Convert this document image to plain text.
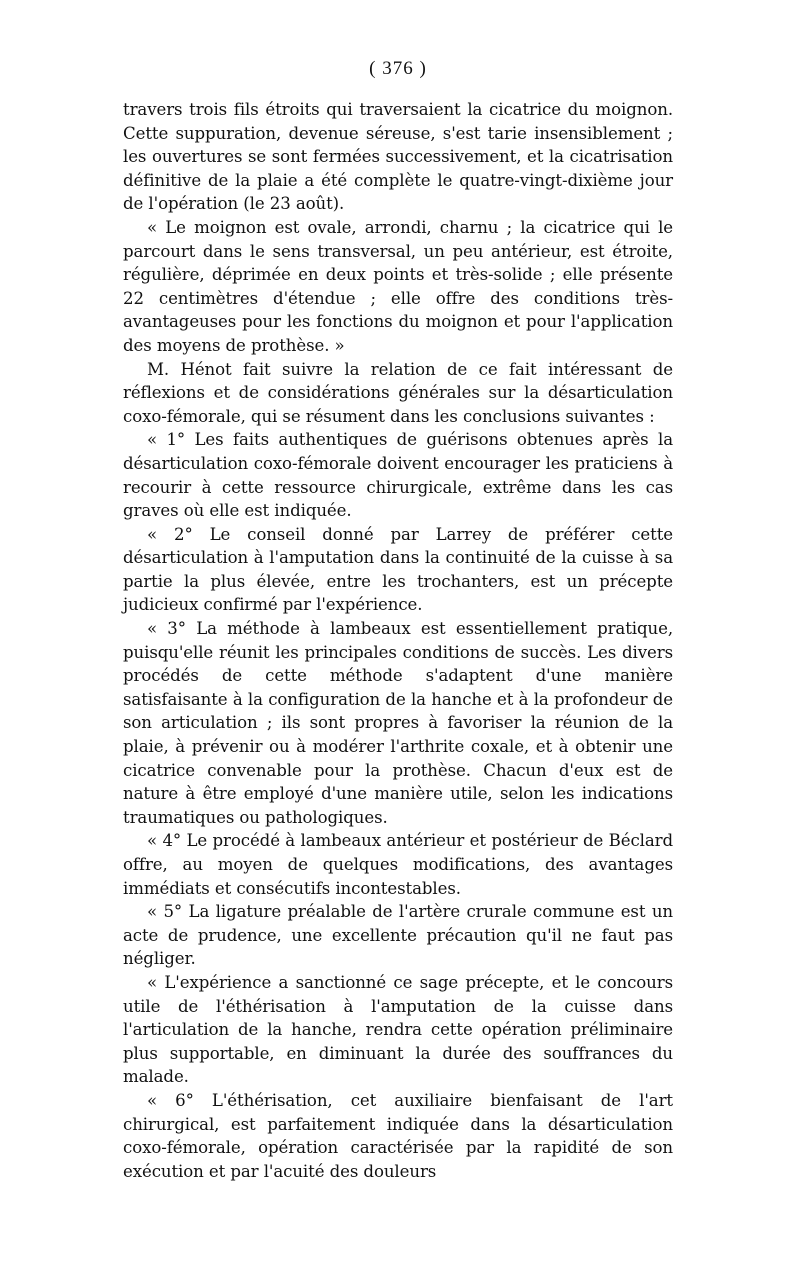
( 376 )

travers trois fils étroits qui traversaient la cicatrice du moignon. Cette suppuration, devenue séreuse, s'est tarie insensiblement ; les ouvertures se sont fermées successivement, et la cicatrisation définitive de la plaie a été complète le quatre-vingt-dixième jour de l'opération (le 23 août).

« Le moignon est ovale, arrondi, charnu ; la cicatrice qui le parcourt dans le sens transversal, un peu antérieur, est étroite, régulière, déprimée en deux points et très-solide ; elle présente 22 centimètres d'étendue ; elle offre des conditions très-avantageuses pour les fonctions du moignon et pour l'application des moyens de prothèse. »

M. Hénot fait suivre la relation de ce fait intéressant de réflexions et de considérations générales sur la désarticulation coxo-fémorale, qui se résument dans les conclusions suivantes :

« 1° Les faits authentiques de guérisons obtenues après la désarticulation coxo-fémorale doivent encourager les praticiens à recourir à cette ressource chirurgicale, extrême dans les cas graves où elle est indiquée.

« 2° Le conseil donné par Larrey de préférer cette désarticulation à l'amputation dans la continuité de la cuisse à sa partie la plus élevée, entre les trochanters, est un précepte judicieux confirmé par l'expérience.

« 3° La méthode à lambeaux est essentiellement pratique, puisqu'elle réunit les principales conditions de succès. Les divers procédés de cette méthode s'adaptent d'une manière satisfaisante à la configuration de la hanche et à la profondeur de son articulation ; ils sont propres à favoriser la réunion de la plaie, à prévenir ou à modérer l'arthrite coxale, et à obtenir une cicatrice convenable pour la prothèse. Chacun d'eux est de nature à être employé d'une manière utile, selon les indications traumatiques ou pathologiques.

« 4° Le procédé à lambeaux antérieur et postérieur de Béclard offre, au moyen de quelques modifications, des avantages immédiats et consécutifs incontestables.

« 5° La ligature préalable de l'artère crurale commune est un acte de prudence, une excellente précaution qu'il ne faut pas négliger.

« L'expérience a sanctionné ce sage précepte, et le concours utile de l'éthérisation à l'amputation de la cuisse dans l'articulation de la hanche, rendra cette opération préliminaire plus supportable, en diminuant la durée des souffrances du malade.

« 6° L'éthérisation, cet auxiliaire bienfaisant de l'art chirurgical, est parfaitement indiquée dans la désarticulation coxo-fémorale, opération caractérisée par la rapidité de son exécution et par l'acuité des douleurs
